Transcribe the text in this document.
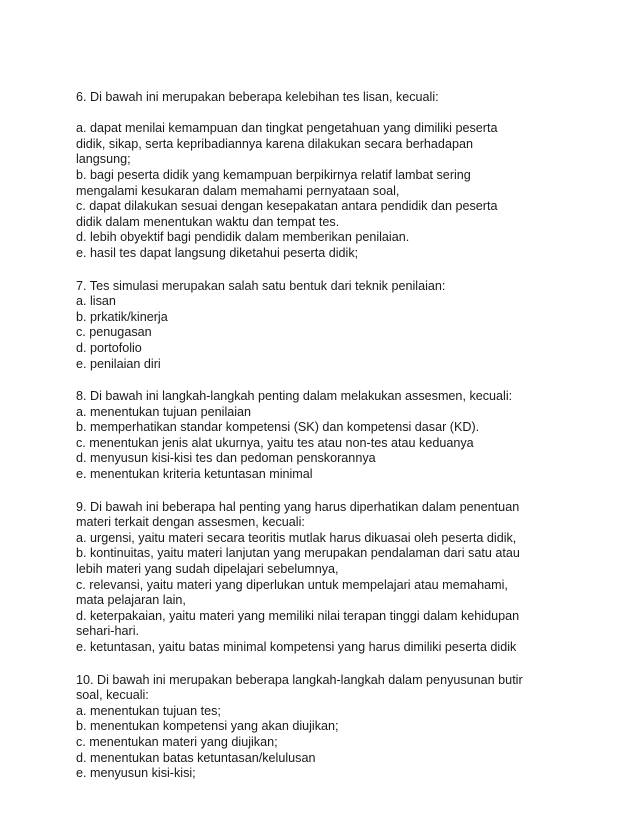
6. Di bawah ini merupakan beberapa kelebihan tes lisan, kecuali:
a. dapat menilai kemampuan dan tingkat pengetahuan yang dimiliki peserta
didik, sikap, serta kepribadiannya karena dilakukan secara berhadapan
langsung;
b. bagi peserta didik yang kemampuan berpikirnya relatif lambat sering
mengalami kesukaran dalam memahami pernyataan soal,
c. dapat dilakukan sesuai dengan kesepakatan antara pendidik dan peserta
didik dalam menentukan waktu dan tempat tes.
d. lebih obyektif bagi pendidik dalam memberikan penilaian.
e. hasil tes dapat langsung diketahui peserta didik;
7. Tes simulasi merupakan salah satu bentuk dari teknik penilaian:
a. lisan
b. prkatik/kinerja
c. penugasan
d. portofolio
e. penilaian diri
8. Di bawah ini langkah-langkah penting dalam melakukan assesmen, kecuali:
a. menentukan tujuan penilaian
b. memperhatikan standar kompetensi (SK) dan kompetensi dasar (KD).
c. menentukan jenis alat ukurnya, yaitu tes atau non-tes atau keduanya
d. menyusun kisi-kisi tes dan pedoman penskorannya
e. menentukan kriteria ketuntasan minimal
9. Di bawah ini beberapa hal penting yang harus diperhatikan dalam penentuan
materi terkait dengan assesmen, kecuali:
a. urgensi, yaitu materi secara teoritis mutlak harus dikuasai oleh peserta didik,
b. kontinuitas, yaitu materi lanjutan yang merupakan pendalaman dari satu atau
lebih materi yang sudah dipelajari sebelumnya,
c. relevansi, yaitu materi yang diperlukan untuk mempelajari atau memahami,
mata pelajaran lain,
d. keterpakaian, yaitu materi yang memiliki nilai terapan tinggi dalam kehidupan
sehari-hari.
e. ketuntasan, yaitu batas minimal kompetensi yang harus dimiliki peserta didik
10. Di bawah ini merupakan beberapa langkah-langkah dalam penyusunan butir
soal, kecuali:
a. menentukan tujuan tes;
b. menentukan kompetensi yang akan diujikan;
c. menentukan materi yang diujikan;
d. menentukan batas ketuntasan/kelulusan
e. menyusun kisi-kisi;
